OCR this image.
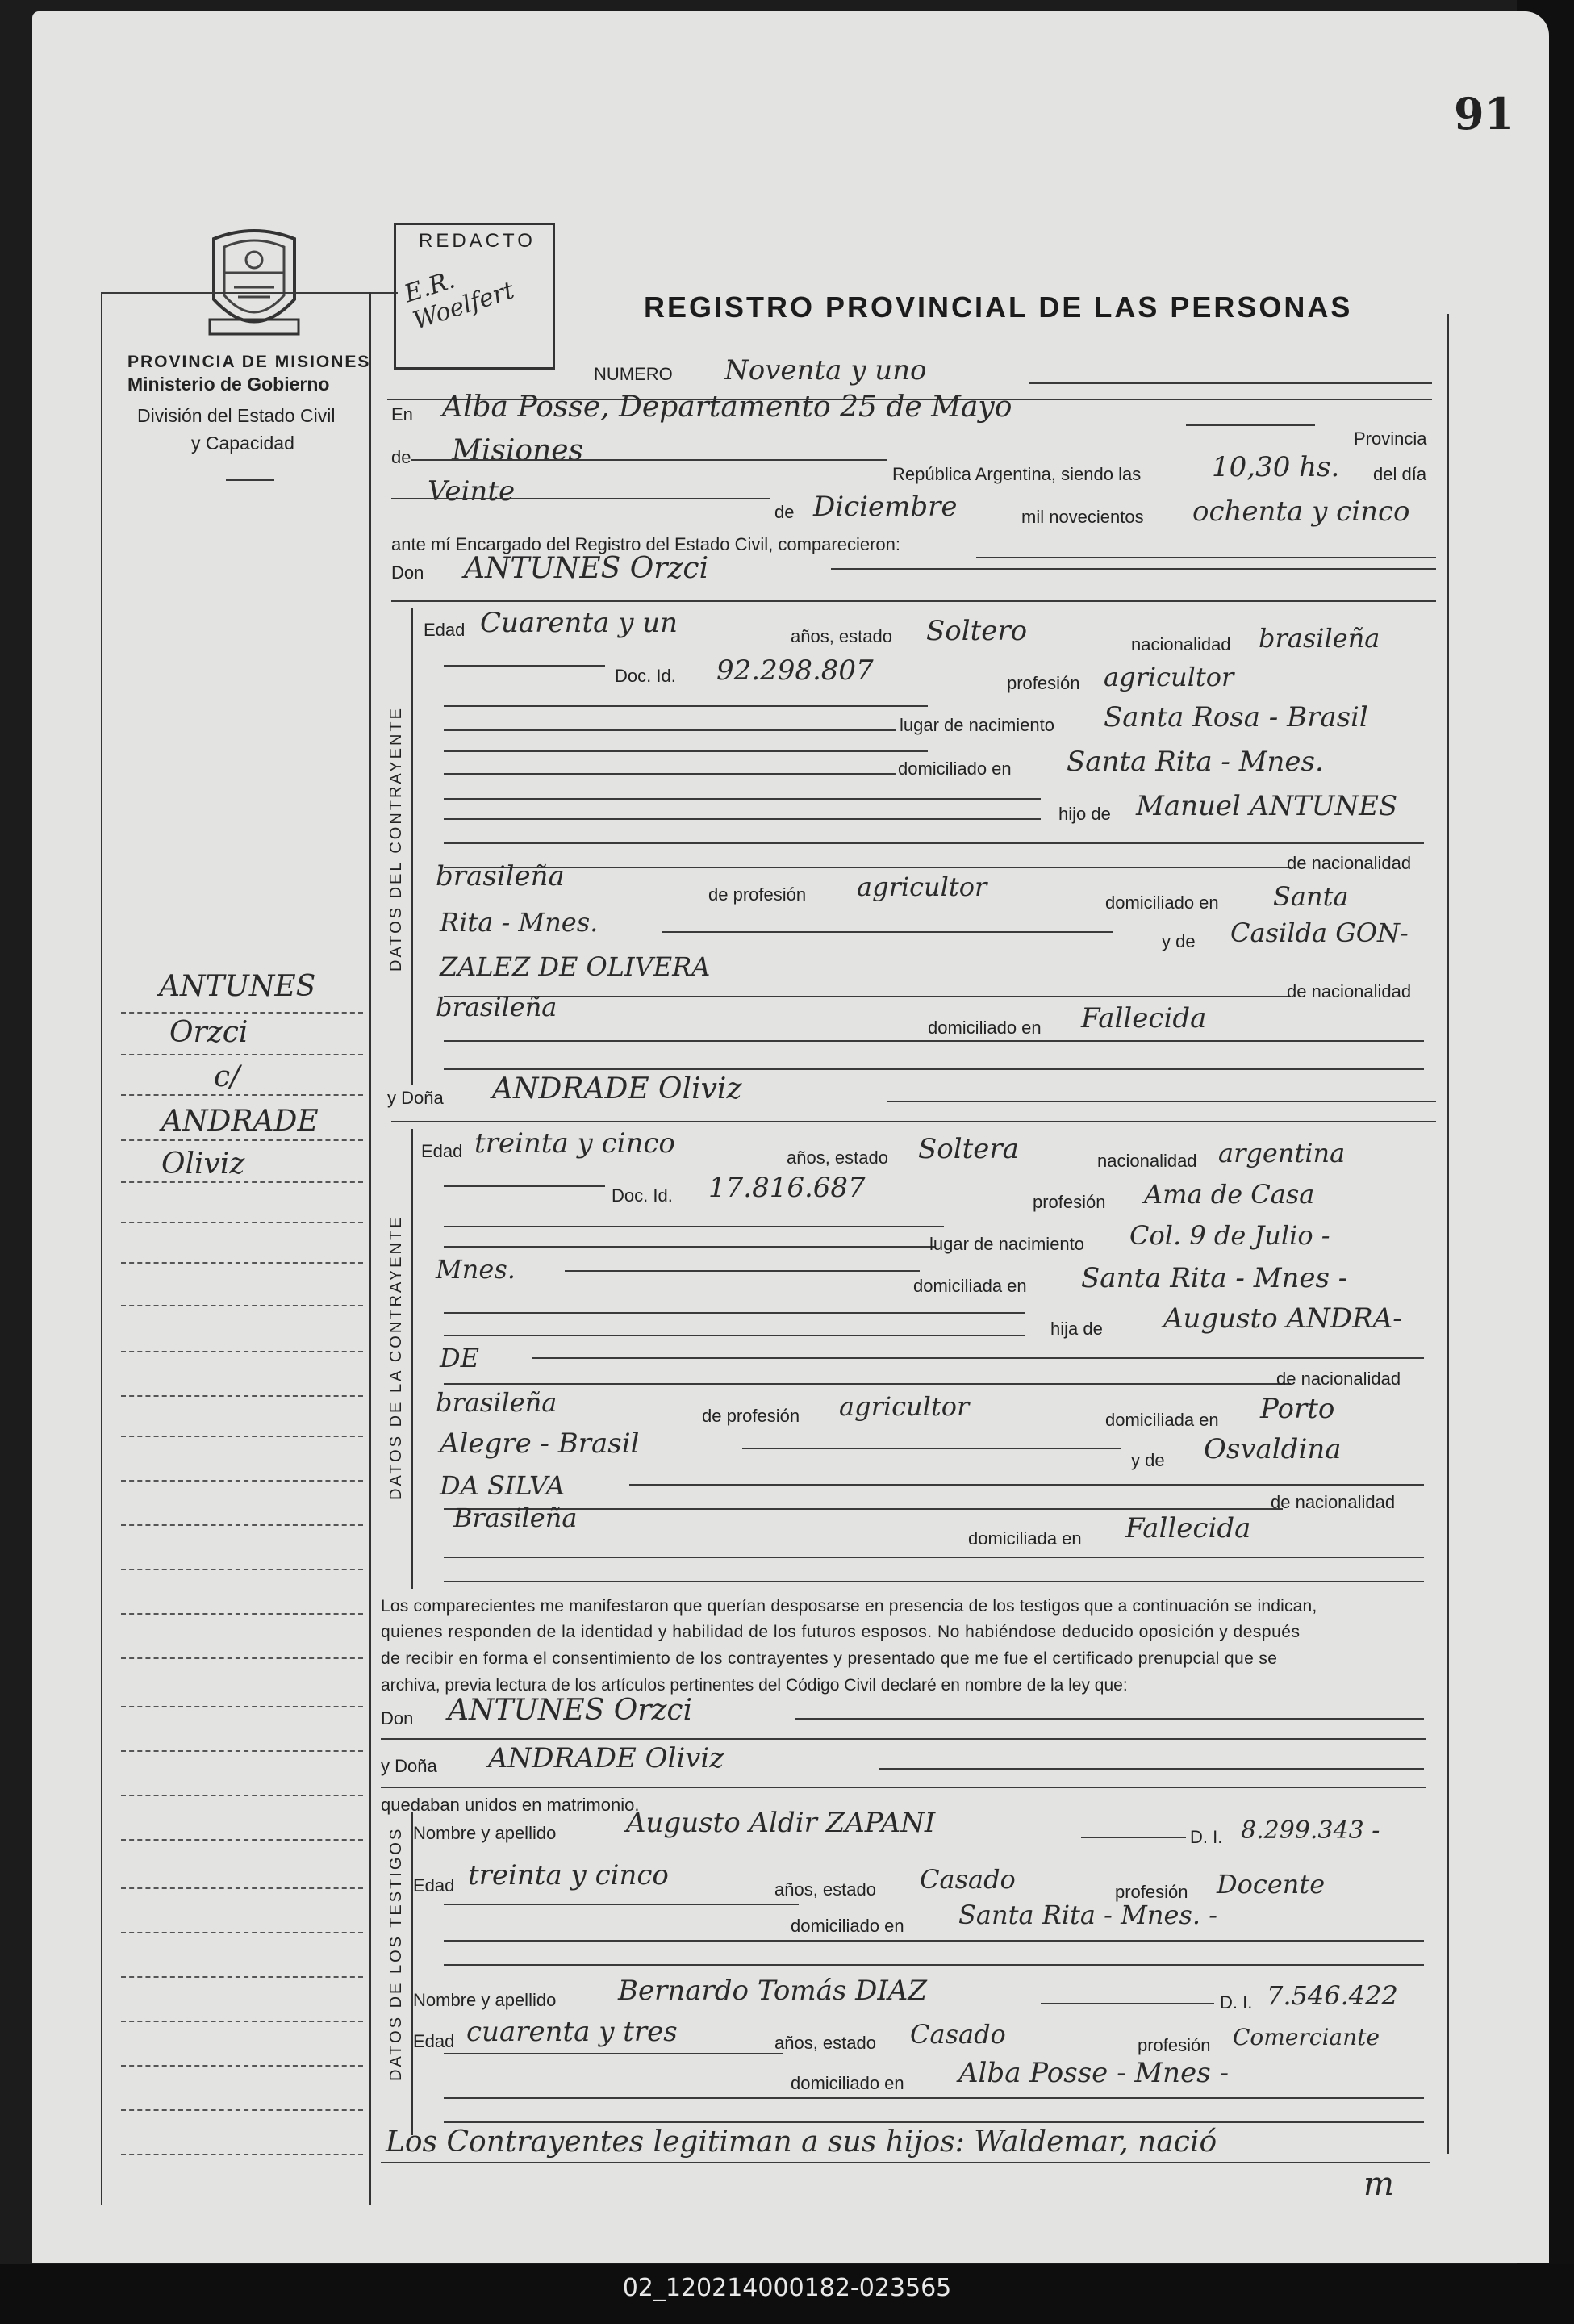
91
PROVINCIA DE MISIONES
Ministerio de Gobierno
División del Estado Civil
y Capacidad
ANTUNES
Orzci
c/
ANDRADE
Oliviz
REDACTO
E.R. Woelfert	REGISTRO PROVINCIAL DE LAS PERSONAS
NUMERO Noventa y uno
En Alba Posse, Departamento 25 de Mayo
Provincia
de Misiones
República Argentina, siendo las	10,30 hs. del día
Veinte
de Diciembre	mil novecientos ochenta y cinco
ante mí Encargado del Registro del Estado Civil, comparecieron:
Don ANTUNES Orzci
DATOS DEL CONTRAYENTE
Edad Cuarenta y un	años, estado Soltero	nacionalidad brasileña
Doc. Id. 92.298.807	profesión agricultor
lugar de nacimiento Santa Rosa - Brasil
domiciliado en Santa Rita - Mnes.
hijo de Manuel ANTUNES
de nacionalidad
brasileña
de profesión agricultor
domiciliado en Santa
Rita - Mnes.
y de Casilda GON-
ZALEZ DE OLIVERA
de nacionalidad
brasileña
domiciliado en Fallecida
y Doña ANDRADE Oliviz
DATOS DE LA CONTRAYENTE
Edad treinta y cinco	años, estado Soltera	nacionalidad argentina
Doc. Id. 17.816.687	profesión Ama de Casa
lugar de nacimiento Col. 9 de Julio -
Mnes.
domiciliada en Santa Rita - Mnes -
hija de Augusto ANDRA-
DE
de nacionalidad
brasileña	de profesión agricultor	domiciliada en Porto
Alegre - Brasil
y de Osvaldina
DA SILVA
de nacionalidad
Brasileña
domiciliada en Fallecida
Los comparecientes me manifestaron que querían desposarse en presencia de los testigos que a continuación se indican,
quienes responden de la identidad y habilidad de los futuros esposos. No habiéndose deducido oposición y después
de recibir en forma el consentimiento de los contrayentes y presentado que me fue el certificado prenupcial que se
archiva, previa lectura de los artículos pertinentes del Código Civil declaré en nombre de la ley que:
Don ANTUNES Orzci
y Doña ANDRADE Oliviz
quedaban unidos en matrimonio.
DATOS DE LOS TESTIGOS Nombre y apellido	Augusto Aldir ZAPANI	D. I. 8.299.343 -
Edad treinta y cinco	años, estado Casado	profesión Docente
domiciliado en Santa Rita - Mnes. -
Nombre y apellido Bernardo Tomás DIAZ	D. I. 7.546.422
Edad cuarenta y tres	años, estado Casado	profesión Comerciante
domiciliado en Alba Posse - Mnes -
Los Contrayentes legitiman a sus hijos: Waldemar, nació
m
02_120214000182-023565
